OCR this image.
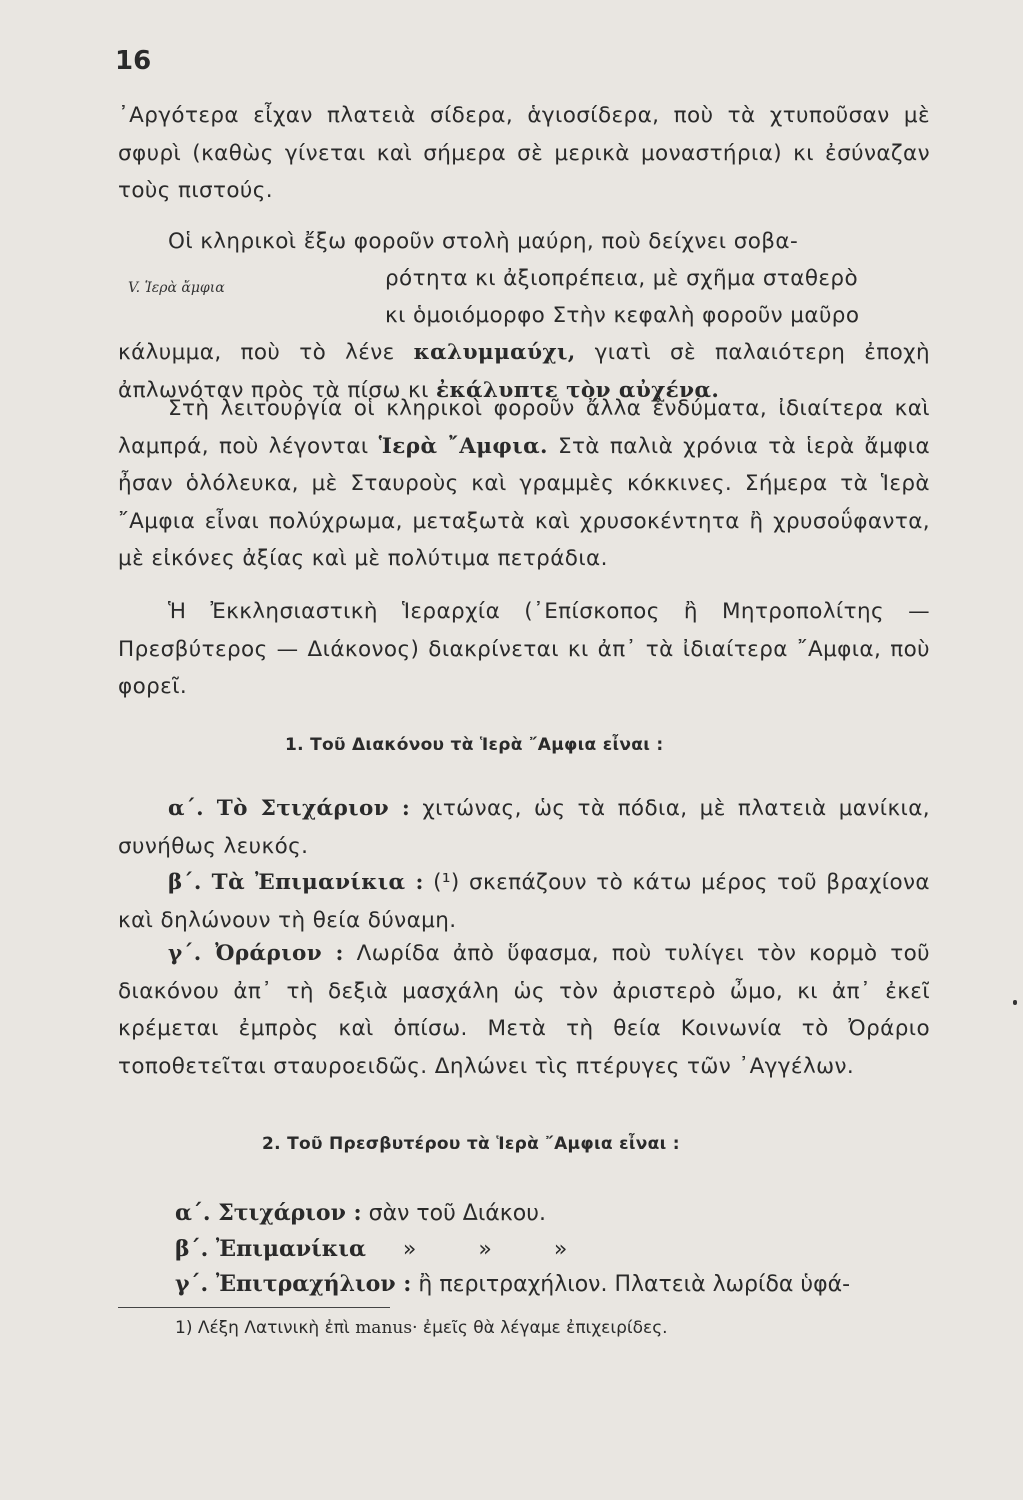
16
᾿Αργότερα εἶχαν πλατειὰ σίδερα, ἁγιοσίδερα, ποὺ τὰ χτυποῦσαν μὲ σφυρὶ (καθὼς γίνεται καὶ σήμερα σὲ μερικὰ μοναστήρια) κι ἐσύναζαν τοὺς πιστούς.
Οἱ κληρικοὶ ἔξω φοροῦν στολὴ μαύρη, ποὺ δείχνει σοβα-
ρότητα κι ἀξιοπρέπεια, μὲ σχῆμα σταθερὸ
V. Ἱερὰ ἄμφια
κι ὁμοιόμορφο Στὴν κεφαλὴ φοροῦν μαῦρο
κάλυμμα, ποὺ τὸ λένε καλυμμαύχι, γιατὶ σὲ παλαιότερη ἐποχὴ ἀπλωνόταν πρὸς τὰ πίσω κι ἐκάλυπτε τὸν αὐχένα.
Στὴ λειτουργία οἱ κληρικοὶ φοροῦν ἄλλα ἐνδύματα, ἰδιαίτερα καὶ λαμπρά, ποὺ λέγονται Ἱερὰ ῎Αμφια. Στὰ παλιὰ χρόνια τὰ ἱερὰ ἄμφια ἦσαν ὁλόλευκα, μὲ Σταυροὺς καὶ γραμμὲς κόκκινες. Σήμερα τὰ Ἱερὰ ῎Αμφια εἶναι πολύχρωμα, μεταξωτὰ καὶ χρυσοκέντητα ἢ χρυσοΰφαντα, μὲ εἰκόνες ἀξίας καὶ μὲ πολύτιμα πετράδια.
Ἡ Ἐκκλησιαστικὴ Ἱεραρχία (᾿Επίσκοπος ἢ Μητροπολίτης —Πρεσβύτερος — Διάκονος) διακρίνεται κι ἀπ᾿ τὰ ἰδιαίτερα ῎Αμφια, ποὺ φορεῖ.
1. Τοῦ Διακόνου τὰ Ἱερὰ ῎Αμφια εἶναι :
α΄. Τὸ Στιχάριον : χιτώνας, ὡς τὰ πόδια, μὲ πλατειὰ μανίκια, συνήθως λευκός.
β΄. Τὰ Ἐπιμανίκια : (¹) σκεπάζουν τὸ κάτω μέρος τοῦ βραχίονα καὶ δηλώνουν τὴ θεία δύναμη.
γ΄. Ὀράριον : Λωρίδα ἀπὸ ὕφασμα, ποὺ τυλίγει τὸν κορμὸ τοῦ διακόνου ἀπ᾿ τὴ δεξιὰ μασχάλη ὡς τὸν ἀριστερὸ ὦμο, κι ἀπ᾿ ἐκεῖ κρέμεται ἐμπρὸς καὶ ὀπίσω. Μετὰ τὴ θεία Κοινωνία τὸ Ὀράριο τοποθετεῖται σταυροειδῶς. Δηλώνει τὶς πτέρυγες τῶν ᾿Αγγέλων.
2. Τοῦ Πρεσβυτέρου τὰ Ἱερὰ ῎Αμφια εἶναι :
α΄. Στιχάριον : σὰν τοῦ Διάκου.
β΄. Ἐπιμανίκια »	»	»
γ΄. Ἐπιτραχήλιον : ἢ περιτραχήλιον. Πλατειὰ λωρίδα ὑφά-
1) Λέξη Λατινικὴ ἐπὶ manus· ἐμεῖς θὰ λέγαμε ἐπιχειρίδες.
